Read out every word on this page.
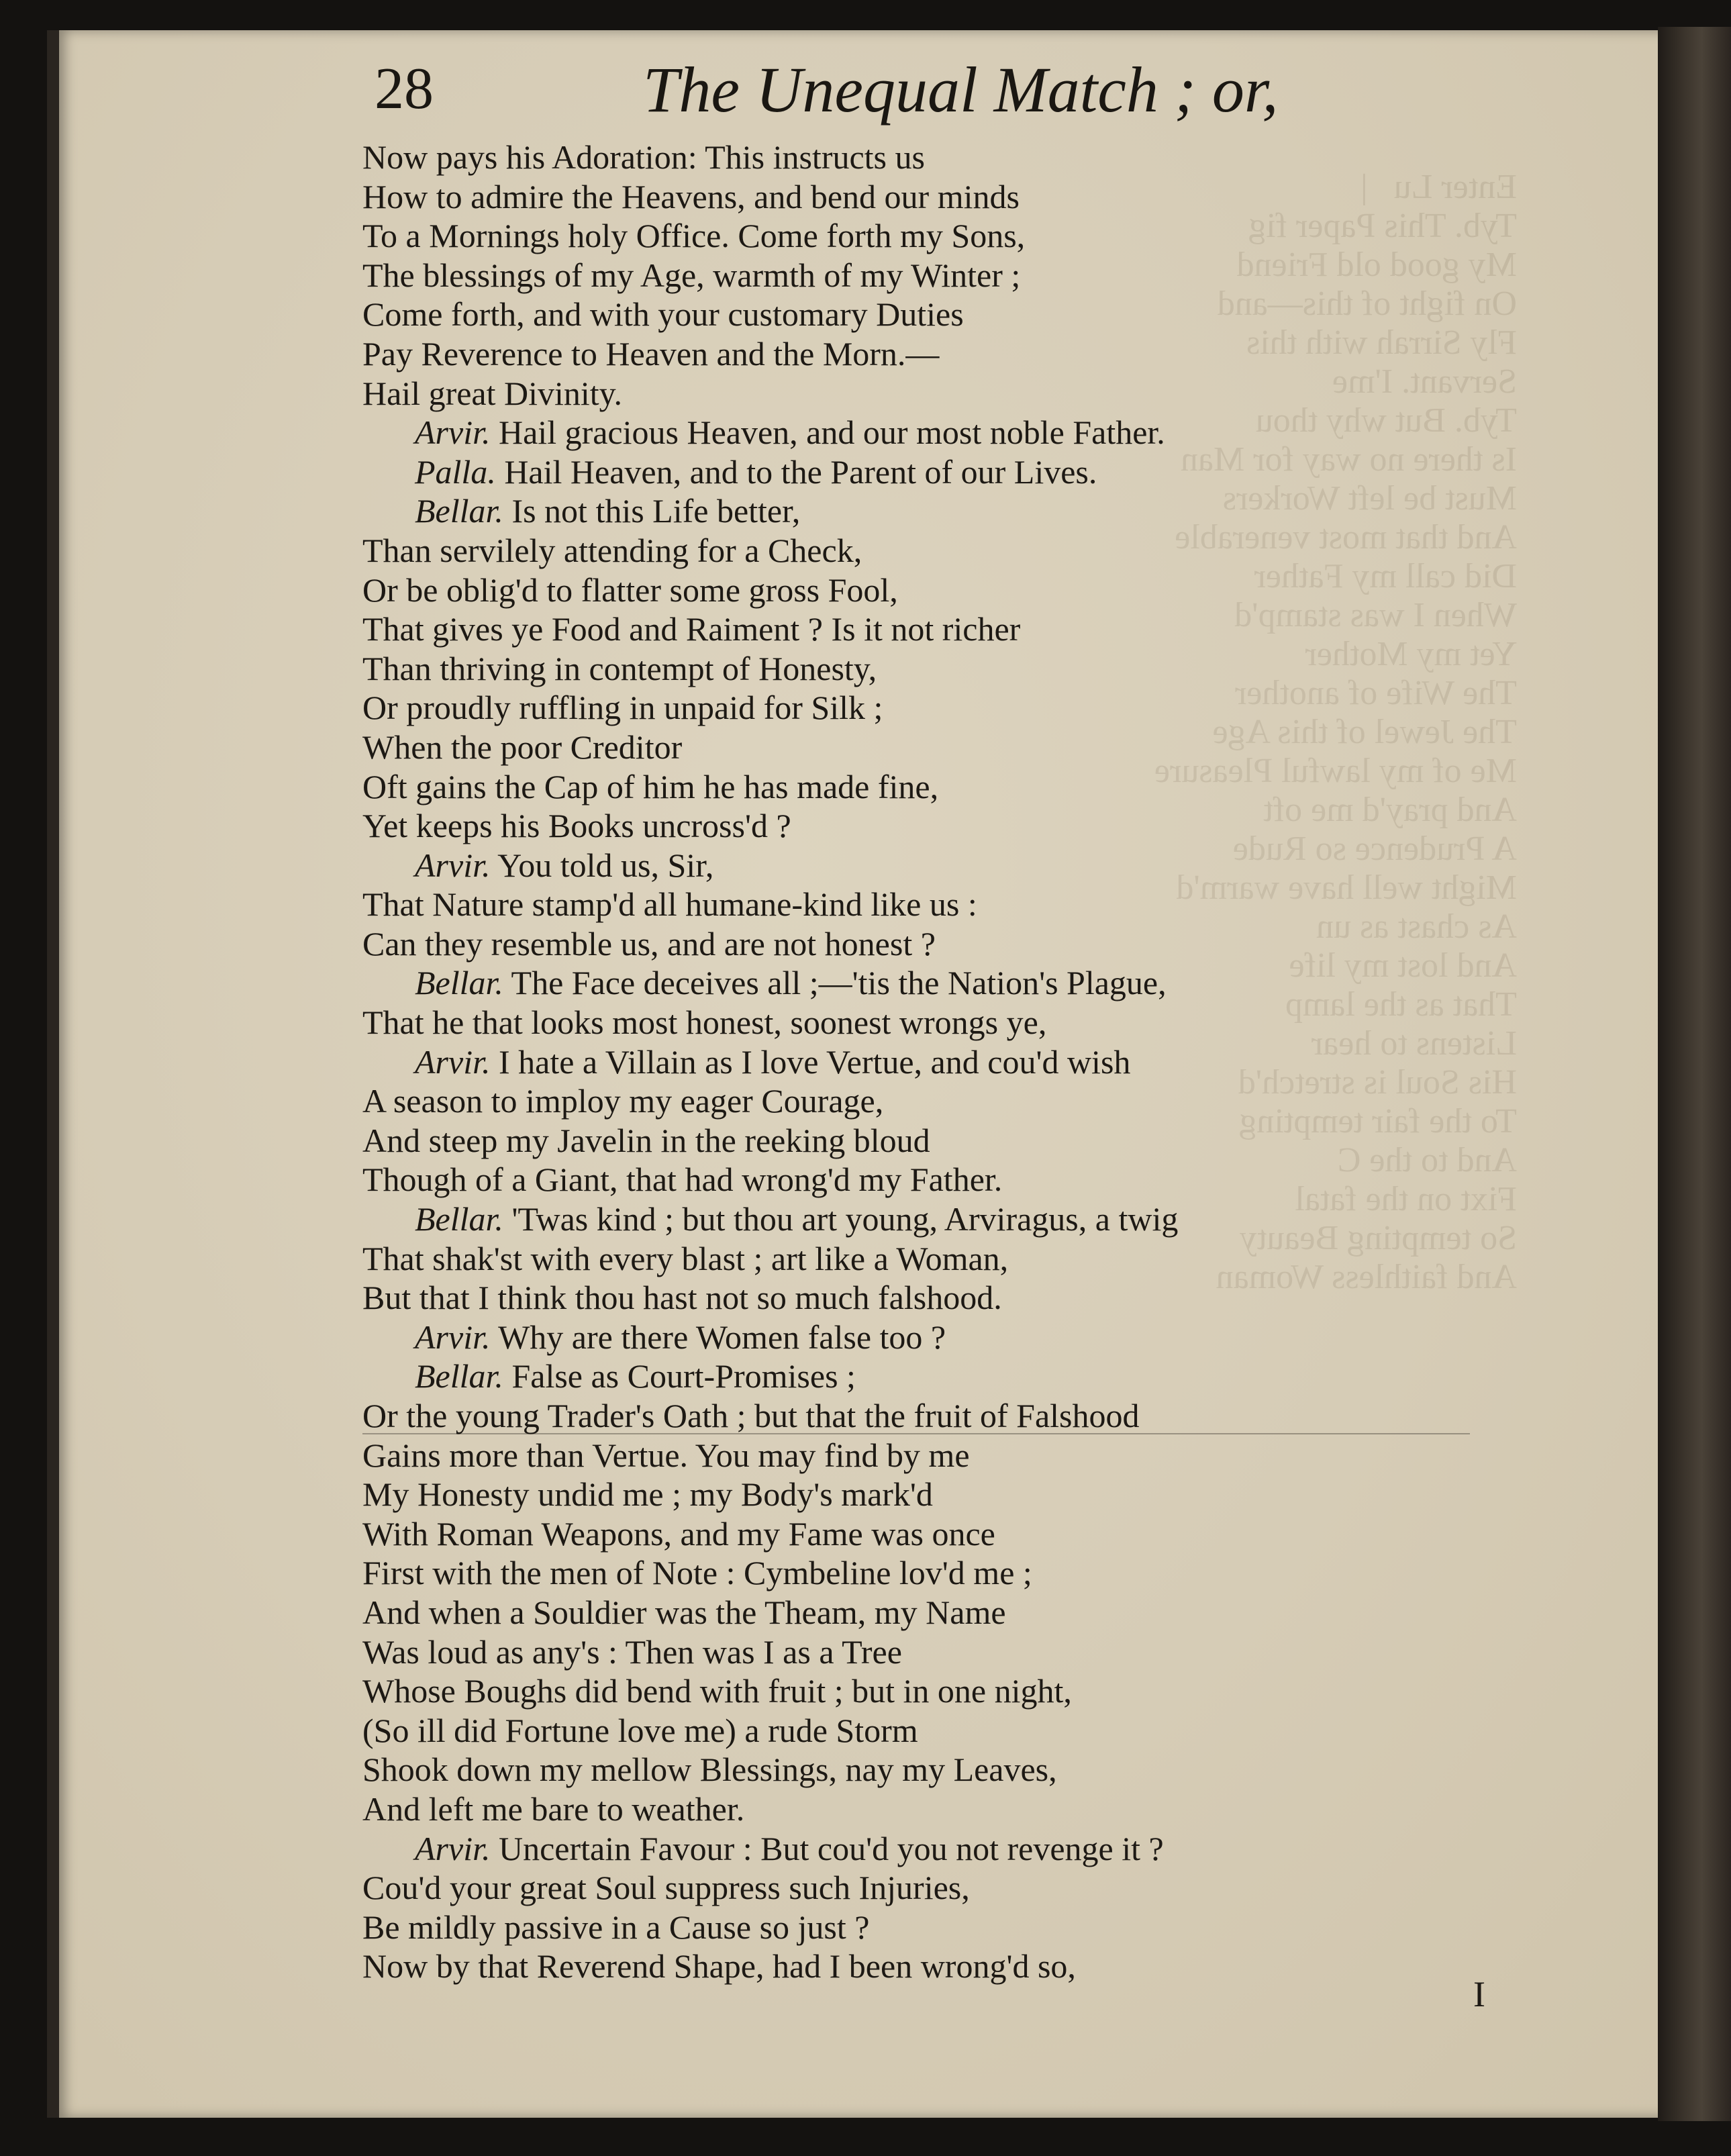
28	The Unequal Match ; or,
Now pays his Adoration: This instructs us
How to admire the Heavens, and bend our minds
To a Mornings holy Office. Come forth my Sons,
The blessings of my Age, warmth of my Winter ;
Come forth, and with your customary Duties
Pay Reverence to Heaven and the Morn.—
Hail great Divinity.
Arvir. Hail gracious Heaven, and our most noble Father.
Palla. Hail Heaven, and to the Parent of our Lives.
Bellar. Is not this Life better,
Than servilely attending for a Check,
Or be oblig'd to flatter some gross Fool,
That gives ye Food and Raiment ? Is it not richer
Than thriving in contempt of Honesty,
Or proudly ruffling in unpaid for Silk ;
When the poor Creditor
Oft gains the Cap of him he has made fine,
Yet keeps his Books uncross'd ?
Arvir. You told us, Sir,
That Nature stamp'd all humane-kind like us :
Can they resemble us, and are not honest ?
Bellar. The Face deceives all ;—'tis the Nation's Plague,
That he that looks most honest, soonest wrongs ye,
Arvir. I hate a Villain as I love Vertue, and cou'd wish
A season to imploy my eager Courage,
And steep my Javelin in the reeking bloud
Though of a Giant, that had wrong'd my Father.
Bellar. 'Twas kind ; but thou art young, Arviragus, a twig
That shak'st with every blast ; art like a Woman,
But that I think thou hast not so much falshood.
Arvir. Why are there Women false too ?
Bellar. False as Court-Promises ;
Or the young Trader's Oath ; but that the fruit of Falshood
Gains more than Vertue. You may find by me
My Honesty undid me ; my Body's mark'd
With Roman Weapons, and my Fame was once
First with the men of Note : Cymbeline lov'd me ;
And when a Souldier was the Theam, my Name
Was loud as any's : Then was I as a Tree
Whose Boughs did bend with fruit ; but in one night,
(So ill did Fortune love me) a rude Storm
Shook down my mellow Blessings, nay my Leaves,
And left me bare to weather.
Arvir. Uncertain Favour : But cou'd you not revenge it ?
Cou'd your great Soul suppress such Injuries,
Be mildly passive in a Cause so just ?
Now by that Reverend Shape, had I been wrong'd so,
I
